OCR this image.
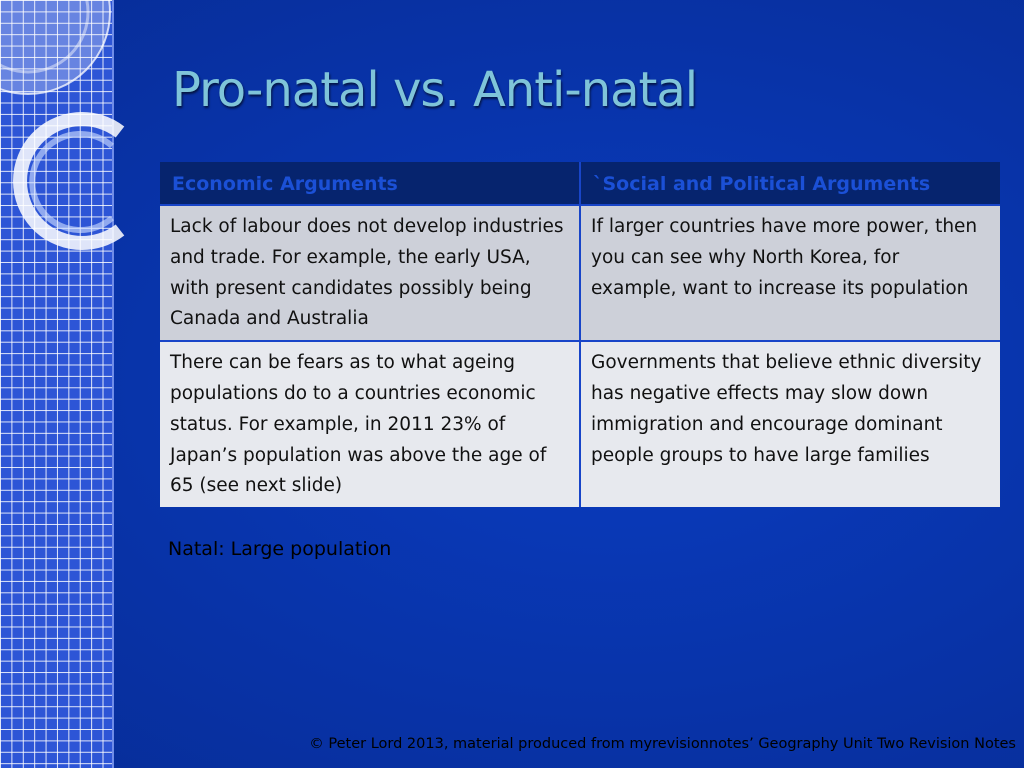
Pro-natal vs. Anti-natal
Economic Arguments	`Social and Political Arguments
Lack of labour does not develop industries and trade. For example, the early USA, with present candidates possibly being Canada and Australia	If larger countries have more power, then you can see why North Korea, for example, want to increase its population
There can be fears as to what ageing populations do to a countries economic status. For example, in 2011 23% of Japan’s population was above the age of 65 (see next slide)	Governments that believe ethnic diversity has negative effects may slow down immigration and encourage dominant people groups to have large families
Natal: Large population
© Peter Lord 2013, material produced from myrevisionnotes’ Geography Unit Two Revision Notes
